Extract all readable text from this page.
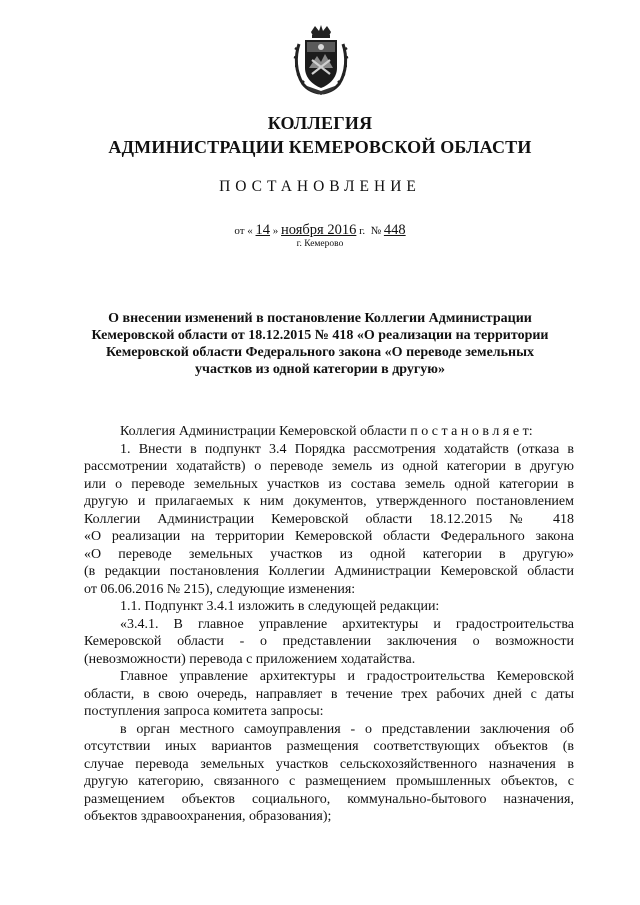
КОЛЛЕГИЯ
АДМИНИСТРАЦИИ КЕМЕРОВСКОЙ ОБЛАСТИ
ПОСТАНОВЛЕНИЕ
от « 14 » ноября 2016 г. № 448
г. Кемерово
О внесении изменений в постановление Коллегии Администрации
Кемеровской области от 18.12.2015 № 418 «О реализации на территории
Кемеровской области Федерального закона «О переводе земельных
участков из одной категории в другую»
Коллегия Администрации Кемеровской области п о с т а н о в л я е т:
1. Внести в подпункт 3.4 Порядка рассмотрения ходатайств (отказа в
рассмотрении ходатайств) о переводе земель из одной категории в другую
или о переводе земельных участков из состава земель одной категории в
другую и прилагаемых к ним документов, утвержденного постановлением
Коллегии Администрации Кемеровской области 18.12.2015 № 418
«О реализации на территории Кемеровской области Федерального закона
«О переводе земельных участков из одной категории в другую»
(в редакции постановления Коллегии Администрации Кемеровской области
от 06.06.2016 № 215), следующие изменения:
1.1. Подпункт 3.4.1 изложить в следующей редакции:
«3.4.1. В главное управление архитектуры и градостроительства
Кемеровской области - о представлении заключения о возможности
(невозможности) перевода с приложением ходатайства.
Главное управление архитектуры и градостроительства Кемеровской
области, в свою очередь, направляет в течение трех рабочих дней с даты
поступления запроса комитета запросы:
в орган местного самоуправления - о представлении заключения об
отсутствии иных вариантов размещения соответствующих объектов (в
случае перевода земельных участков сельскохозяйственного назначения в
другую категорию, связанного с размещением промышленных объектов, с
размещением объектов социального, коммунально-бытового назначения,
объектов здравоохранения, образования);
